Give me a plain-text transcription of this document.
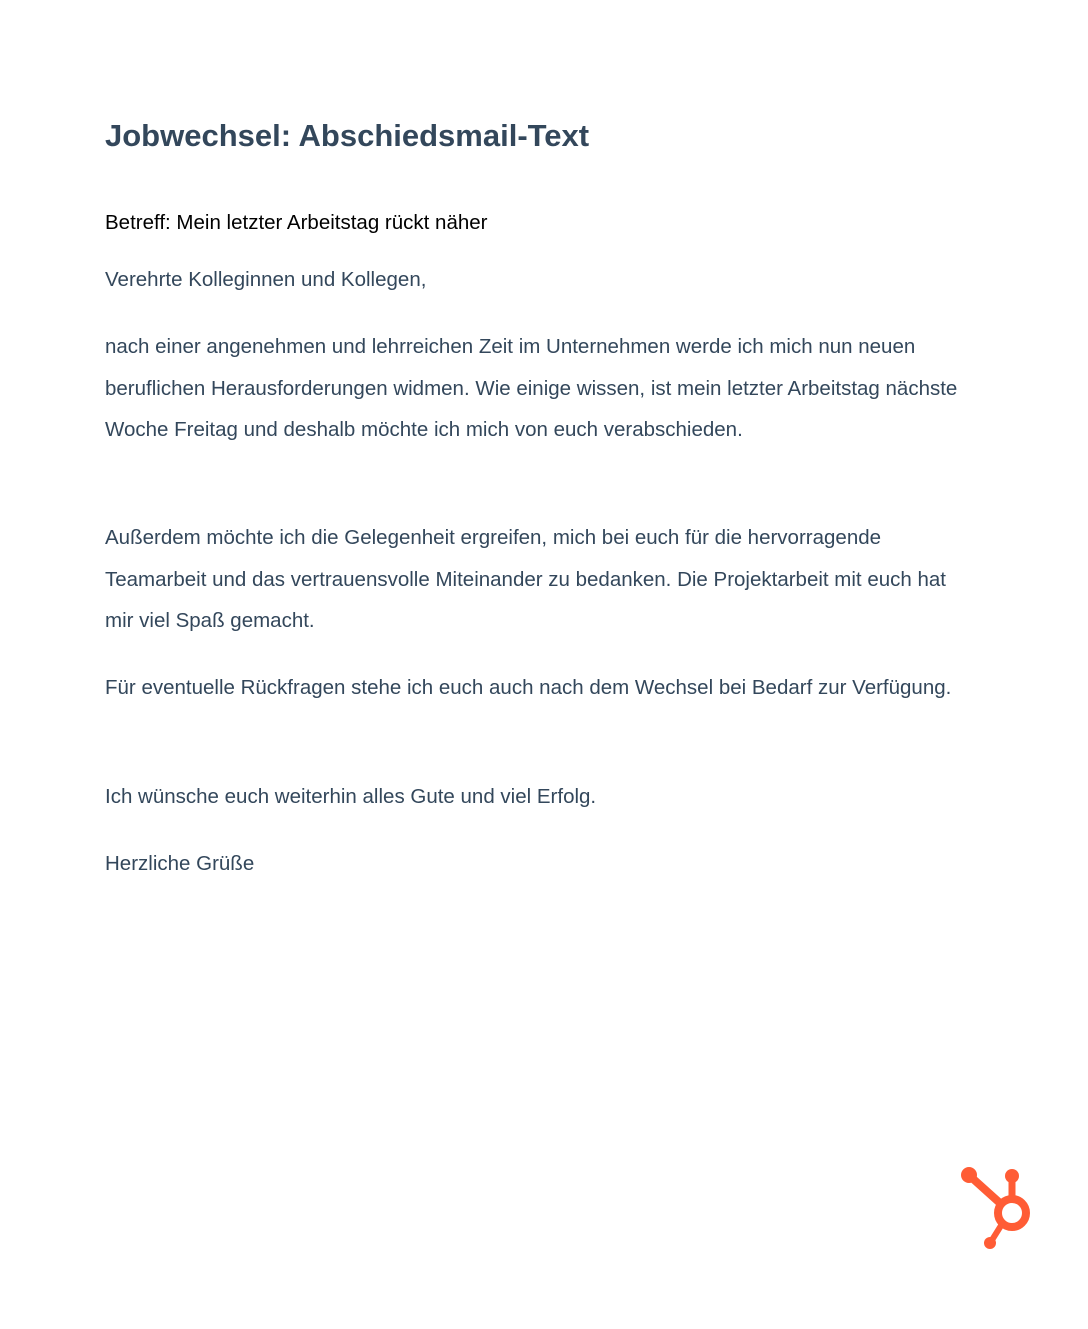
Jobwechsel: Abschiedsmail-Text

Betreff: Mein letzter Arbeitstag rückt näher

Verehrte Kolleginnen und Kollegen,

nach einer angenehmen und lehrreichen Zeit im Unternehmen werde ich mich nun neuen beruflichen Herausforderungen widmen. Wie einige wissen, ist mein letzter Arbeitstag nächste Woche Freitag und deshalb möchte ich mich von euch verabschieden.

Außerdem möchte ich die Gelegenheit ergreifen, mich bei euch für die hervorragende Teamarbeit und das vertrauensvolle Miteinander zu bedanken. Die Projektarbeit mit euch hat mir viel Spaß gemacht.

Für eventuelle Rückfragen stehe ich euch auch nach dem Wechsel bei Bedarf zur Verfügung.

Ich wünsche euch weiterhin alles Gute und viel Erfolg.

Herzliche Grüße
